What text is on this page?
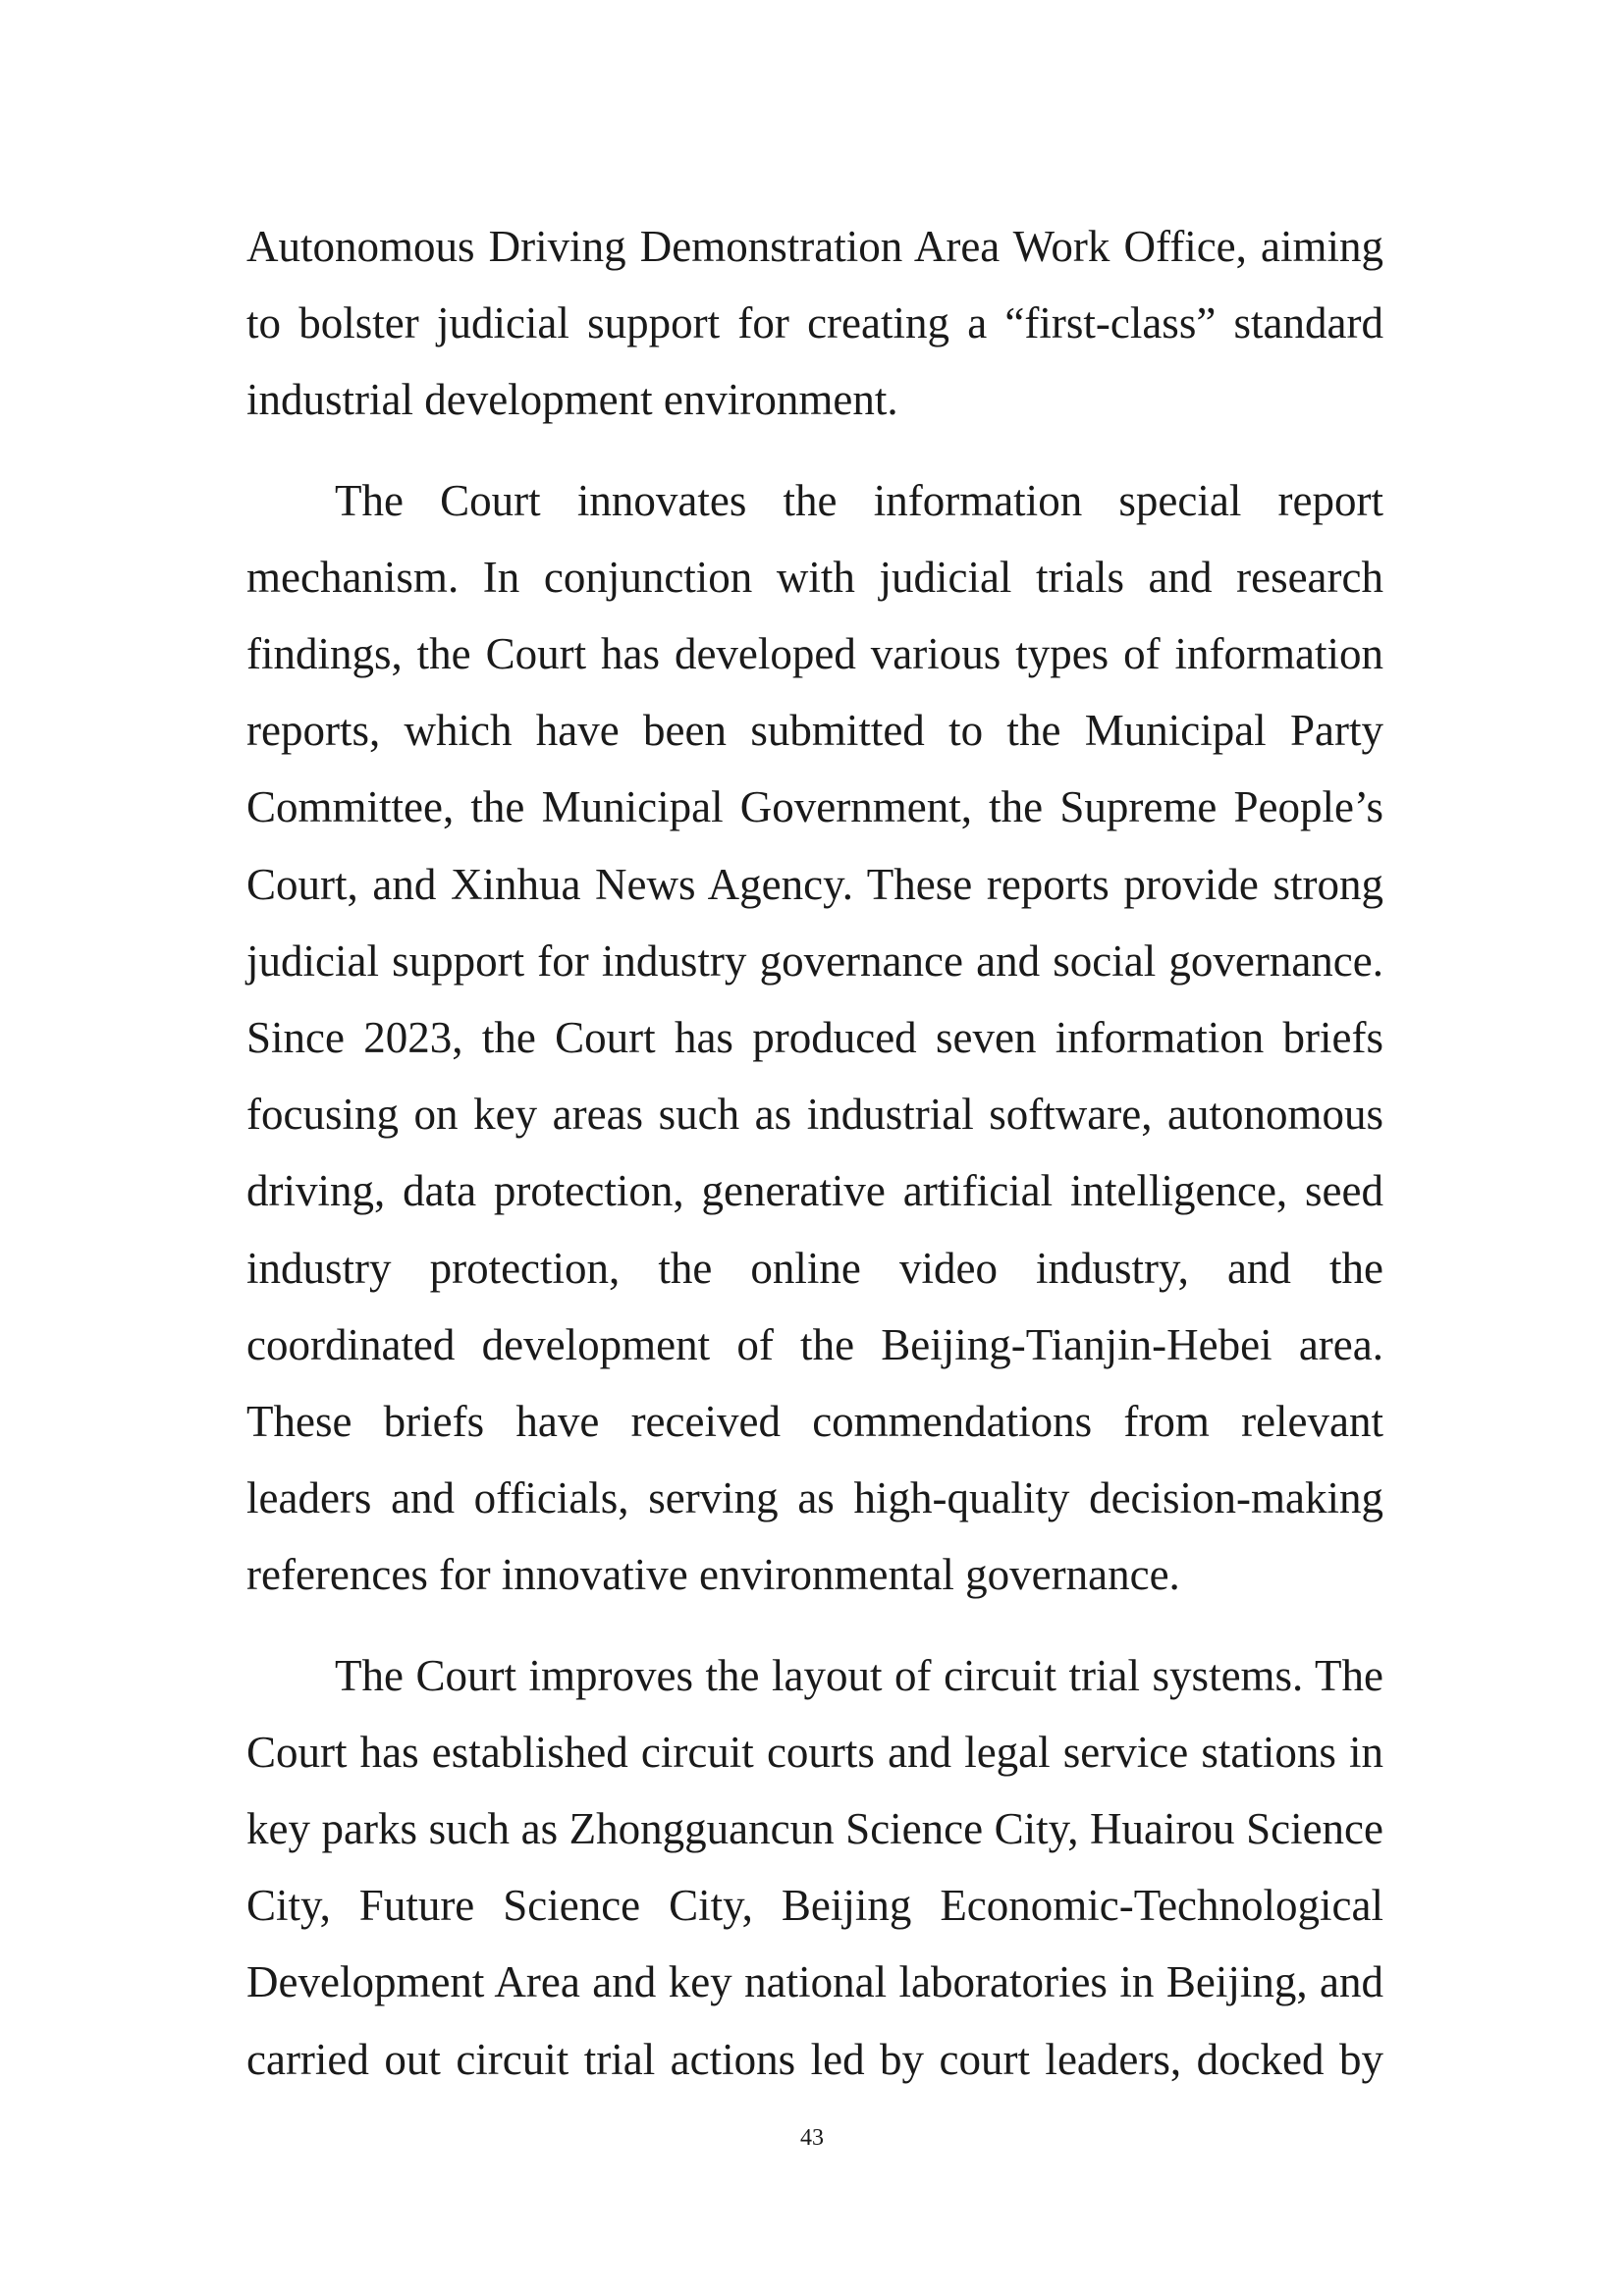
Autonomous Driving Demonstration Area Work Office, aiming to bolster judicial support for creating a “first-class” standard industrial development environment.

The Court innovates the information special report mechanism. In conjunction with judicial trials and research findings, the Court has developed various types of information reports, which have been submitted to the Municipal Party Committee, the Municipal Government, the Supreme People’s Court, and Xinhua News Agency. These reports provide strong judicial support for industry governance and social governance. Since 2023, the Court has produced seven information briefs focusing on key areas such as industrial software, autonomous driving, data protection, generative artificial intelligence, seed industry protection, the online video industry, and the coordinated development of the Beijing-Tianjin-Hebei area. These briefs have received commendations from relevant leaders and officials, serving as high-quality decision-making references for innovative environmental governance.

The Court improves the layout of circuit trial systems. The Court has established circuit courts and legal service stations in key parks such as Zhongguancun Science City, Huairou Science City, Future Science City, Beijing Economic-Technological Development Area and key national laboratories in Beijing, and carried out circuit trial actions led by court leaders, docked by

43
